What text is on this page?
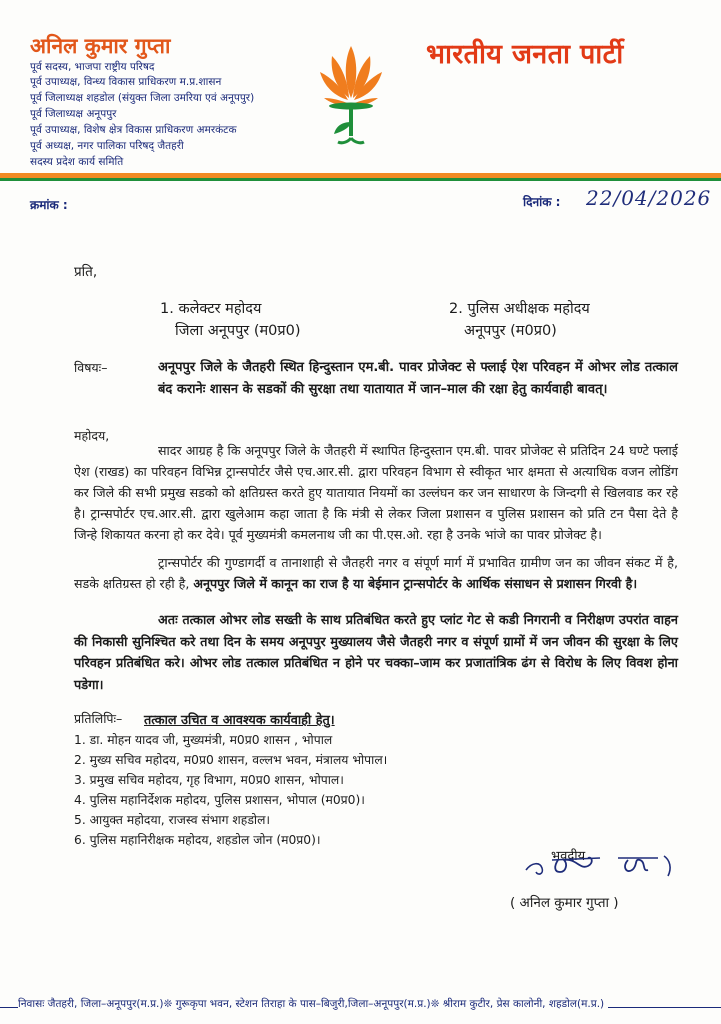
अनिल कुमार गुप्ता
पूर्व सदस्य, भाजपा राष्ट्रीय परिषद
पूर्व उपाध्यक्ष, विन्ध्य विकास प्राधिकरण म.प्र.शासन
पूर्व जिलाध्यक्ष शहडोल (संयुक्त जिला उमरिया एवं अनूपपुर)
पूर्व जिलाध्यक्ष अनूपपुर
पूर्व उपाध्यक्ष, विशेष क्षेत्र विकास प्राधिकरण अमरकंटक
पूर्व अध्यक्ष, नगर पालिका परिषद् जैतहरी
सदस्य प्रदेश कार्य समिति
भारतीय जनता पार्टी
क्रमांक :	दिनांक : 22/04/2026
प्रति,
1. कलेक्टर महोदय
जिला अनूपपुर (म0प्र0)
2. पुलिस अधीक्षक महोदय
अनूपपुर (म0प्र0)
विषयः–	अनूपपुर जिले के जैतहरी स्थित हिन्दुस्तान एम.बी. पावर प्रोजेक्ट से फ्लाई ऐश परिवहन में ओभर लोड तत्काल बंद करानेः शासन के सडकों की सुरक्षा तथा यातायात में जान–माल की रक्षा हेतु कार्यवाही बावत्।
महोदय,
सादर आग्रह है कि अनूपपुर जिले के जैतहरी में स्थापित हिन्दुस्तान एम.बी. पावर प्रोजेक्ट से प्रतिदिन 24 घण्टे फ्लाई ऐश (राखड) का परिवहन विभिन्न ट्रान्सपोर्टर जैसे एच.आर.सी. द्वारा परिवहन विभाग से स्वीकृत भार क्षमता से अत्याधिक वजन लोडिंग कर जिले की सभी प्रमुख सडको को क्षतिग्रस्त करते हुए यातायात नियमों का उल्लंघन कर जन साधारण के जिन्दगी से खिलवाड कर रहे है। ट्रान्सपोर्टर एच.आर.सी. द्वारा खुलेआम कहा जाता है कि मंत्री से लेकर जिला प्रशासन व पुलिस प्रशासन को प्रति टन पैसा देते है जिन्हे शिकायत करना हो कर देवे। पूर्व मुख्यमंत्री कमलनाथ जी का पी.एस.ओ. रहा है उनके भांजे का पावर प्रोजेक्ट है।
ट्रान्सपोर्टर की गुण्डागर्दी व तानाशाही से जैतहरी नगर व संपूर्ण मार्ग में प्रभावित ग्रामीण जन का जीवन संकट में है, सडके क्षतिग्रस्त हो रही है, अनूपपुर जिले में कानून का राज है या बेईमान ट्रान्सपोर्टर के आर्थिक संसाधन से प्रशासन गिरवी है।
अतः तत्काल ओभर लोड सख्ती के साथ प्रतिबंधित करते हुए प्लांट गेट से कडी निगरानी व निरीक्षण उपरांत वाहन की निकासी सुनिश्चित करे तथा दिन के समय अनूपपुर मुख्यालय जैसे जैतहरी नगर व संपूर्ण ग्रामों में जन जीवन की सुरक्षा के लिए परिवहन प्रतिबंधित करे। ओभर लोड तत्काल प्रतिबंधित न होने पर चक्का–जाम कर प्रजातांत्रिक ढंग से विरोध के लिए विवश होना पडेगा।
प्रतिलिपिः– तत्काल उचित व आवश्यक कार्यवाही हेतु।
1. डा. मोहन यादव जी, मुख्यमंत्री, म0प्र0 शासन , भोपाल
2. मुख्य सचिव महोदय, म0प्र0 शासन, वल्लभ भवन, मंत्रालय भोपाल।
3. प्रमुख सचिव महोदय, गृह विभाग, म0प्र0 शासन, भोपाल।
4. पुलिस महानिर्देशक महोदय, पुलिस प्रशासन, भोपाल (म0प्र0)।
5. आयुक्त महोदया, राजस्व संभाग शहडोल।
6. पुलिस महानिरीक्षक महोदय, शहडोल जोन (म0प्र0)।
भवदीय
( अनिल कुमार गुप्ता )
निवासः जैतहरी, जिला–अनूपपुर(म.प्र.)❊ गुरूकृपा भवन, स्टेशन तिराहा के पास–बिजुरी,जिला–अनूपपुर(म.प्र.)❊ श्रीराम कुटीर, प्रेस कालोनी, शहडोल(म.प्र.)
